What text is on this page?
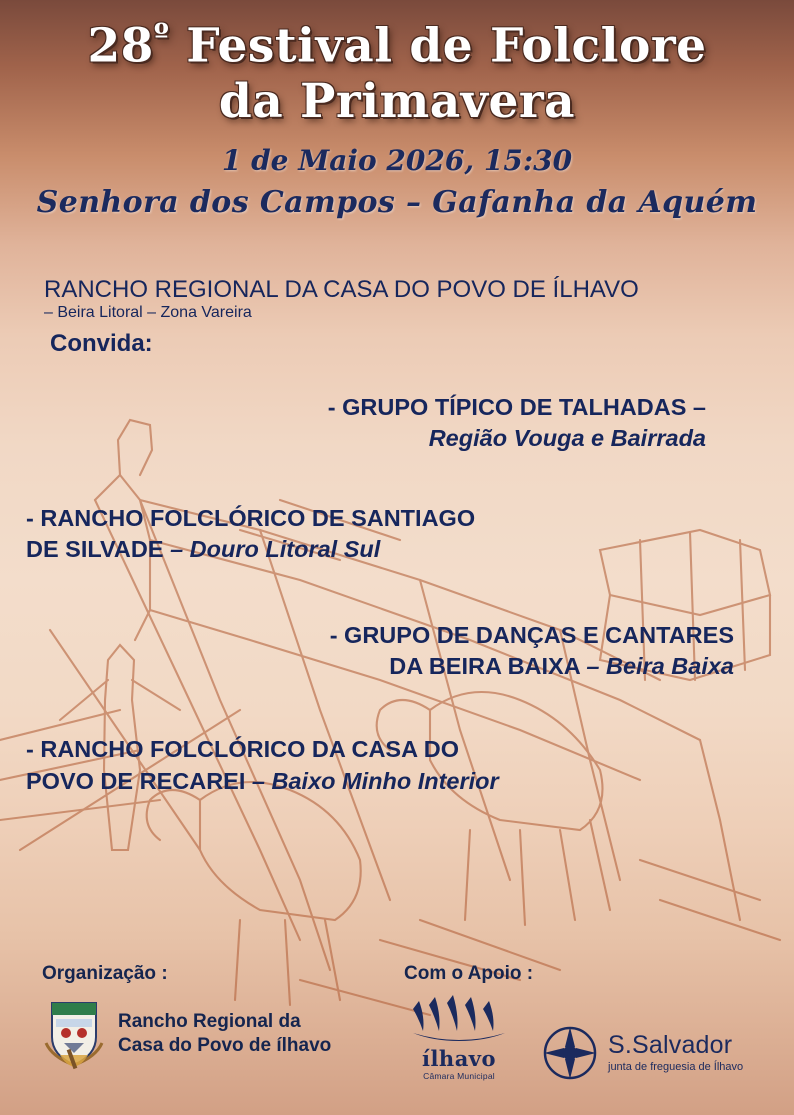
$28^º$ Festival de Folclore
da Primavera
1 de Maio 2026, 15:30
Senhora dos Campos – Gafanha da Aquém
RANCHO REGIONAL DA CASA DO POVO DE ÍLHAVO
– Beira Litoral – Zona Vareira
Convida:
- GRUPO TÍPICO DE TALHADAS –
Região Vouga e Bairrada
- RANCHO FOLCLÓRICO DE SANTIAGO
DE SILVADE – Douro Litoral Sul
- GRUPO DE DANÇAS E CANTARES
DA BEIRA BAIXA – Beira Baixa
- RANCHO FOLCLÓRICO DA CASA DO
POVO DE RECAREI – Baixo Minho Interior
Organização :
Rancho Regional da
Casa do Povo de ílhavo
Com o Apoio :
ílhavo
Câmara Municipal
S.Salvador
junta de freguesia de Ílhavo
